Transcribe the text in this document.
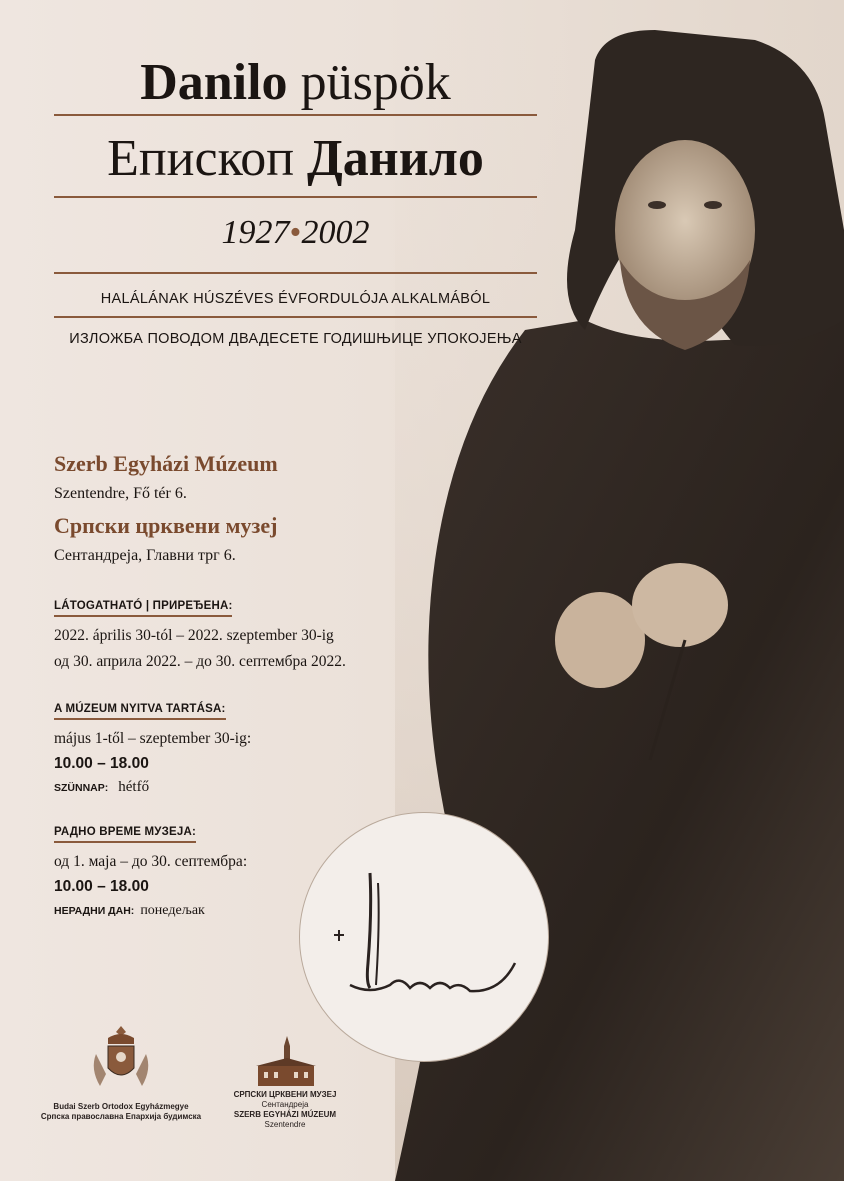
Danilo püspök
Епископ Данило
1927•2002
HALÁLÁNAK HÚSZÉVES ÉVFORDULÓJA ALKALMÁBÓL
ИЗЛОЖБА ПОВОДОМ ДВАДЕСЕТЕ ГОДИШЊИЦЕ УПОКОЈЕЊА
Szerb Egyházi Múzeum
Szentendre, Fő tér 6.
Српски црквени музеј
Сентандреја, Главни трг 6.
LÁTOGATHATÓ | ПРИРЕЂЕНА:
2022. április 30-tól – 2022. szeptember 30-ig
од 30. априла 2022. – до 30. септембра 2022.
A MÚZEUM NYITVA TARTÁSA:
május 1-től – szeptember 30-ig:
10.00 – 18.00
SZÜNNAP: hétfő
РАДНО ВРЕМЕ МУЗЕЈА:
од 1. маја – до 30. септембра:
10.00 – 18.00
НЕРАДНИ ДАН: понедељак
Budai Szerb Ortodox Egyházmegye
Српска православна Епархија будимска
СРПСКИ ЦРКВЕНИ МУЗЕЈ
Сентандреја
SZERB EGYHÁZI MÚZEUM
Szentendre
